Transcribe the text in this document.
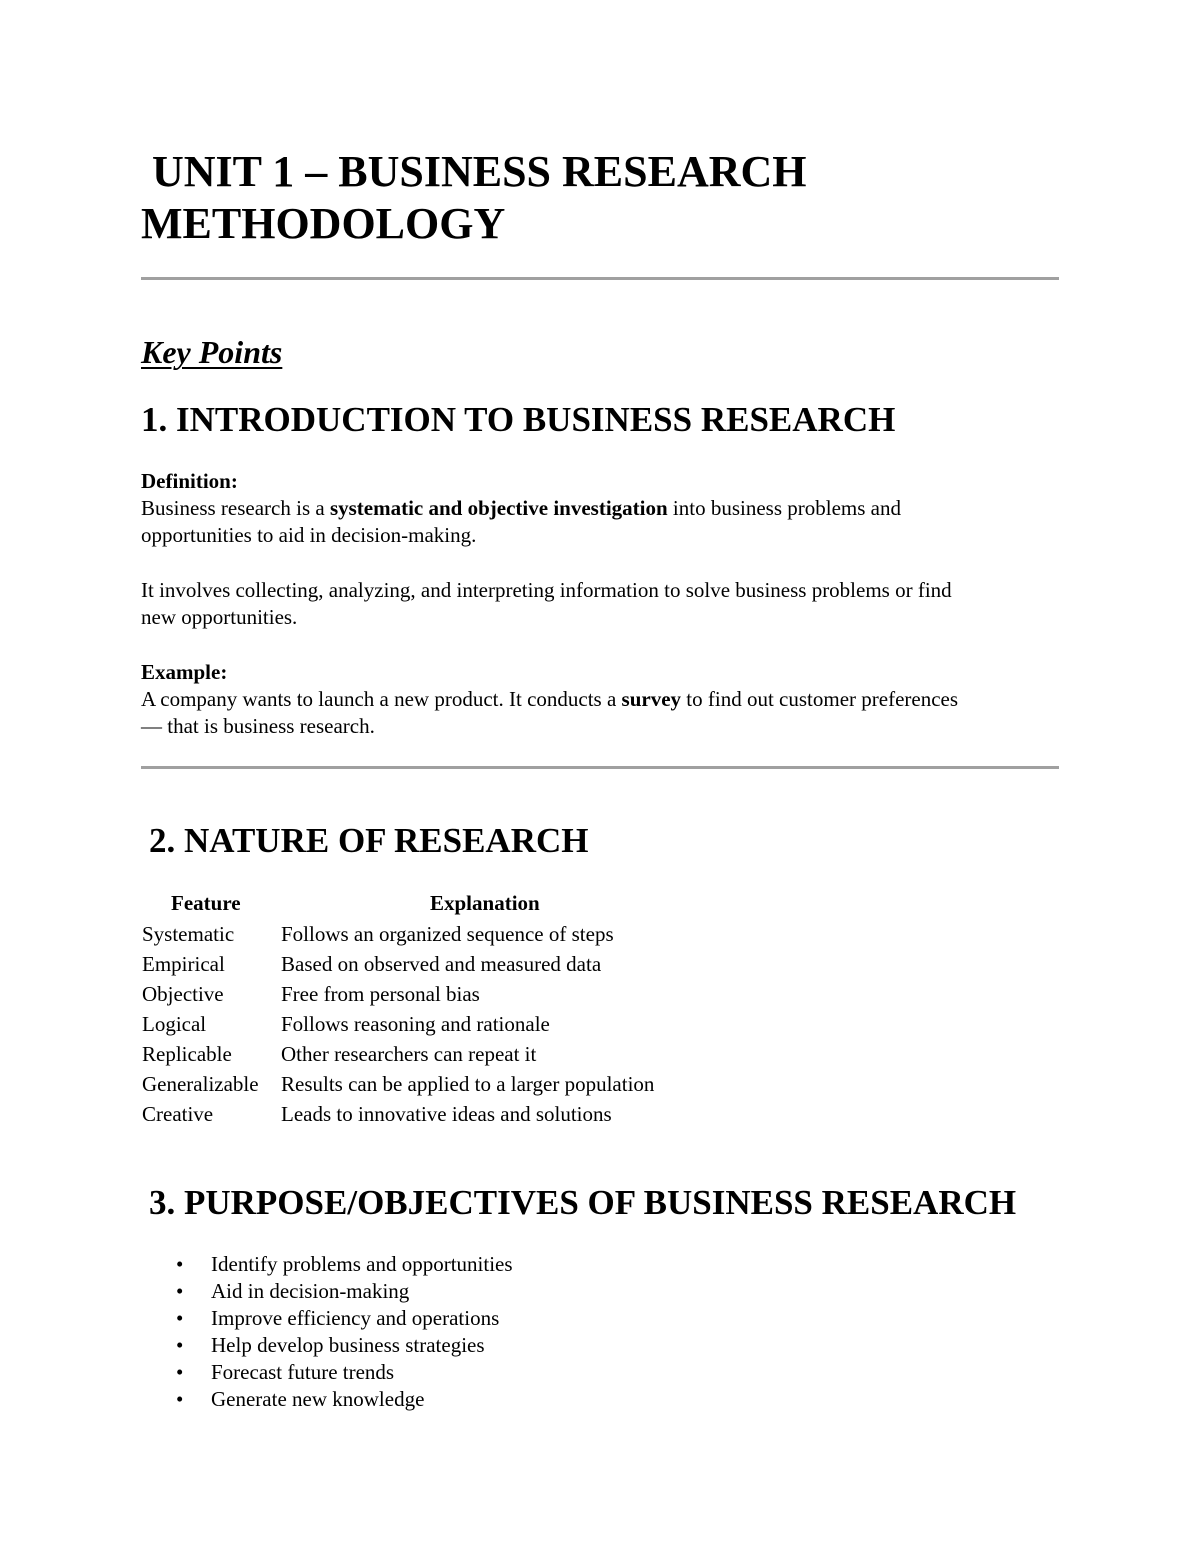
UNIT 1 – BUSINESS RESEARCH
METHODOLOGY
Key Points
1. INTRODUCTION TO BUSINESS RESEARCH
Definition:
Business research is a systematic and objective investigation into business problems and
opportunities to aid in decision-making.
It involves collecting, analyzing, and interpreting information to solve business problems or find
new opportunities.
Example:
A company wants to launch a new product. It conducts a survey to find out customer preferences
— that is business research.
2. NATURE OF RESEARCH
Feature	Explanation
Systematic Follows an organized sequence of steps
Empirical	Based on observed and measured data
Objective	Free from personal bias
Logical	Follows reasoning and rationale
Replicable Other researchers can repeat it
Generalizable Results can be applied to a larger population
Creative	Leads to innovative ideas and solutions
3. PURPOSE/OBJECTIVES OF BUSINESS RESEARCH
• Identify problems and opportunities
• Aid in decision-making
• Improve efficiency and operations
• Help develop business strategies
• Forecast future trends
• Generate new knowledge
